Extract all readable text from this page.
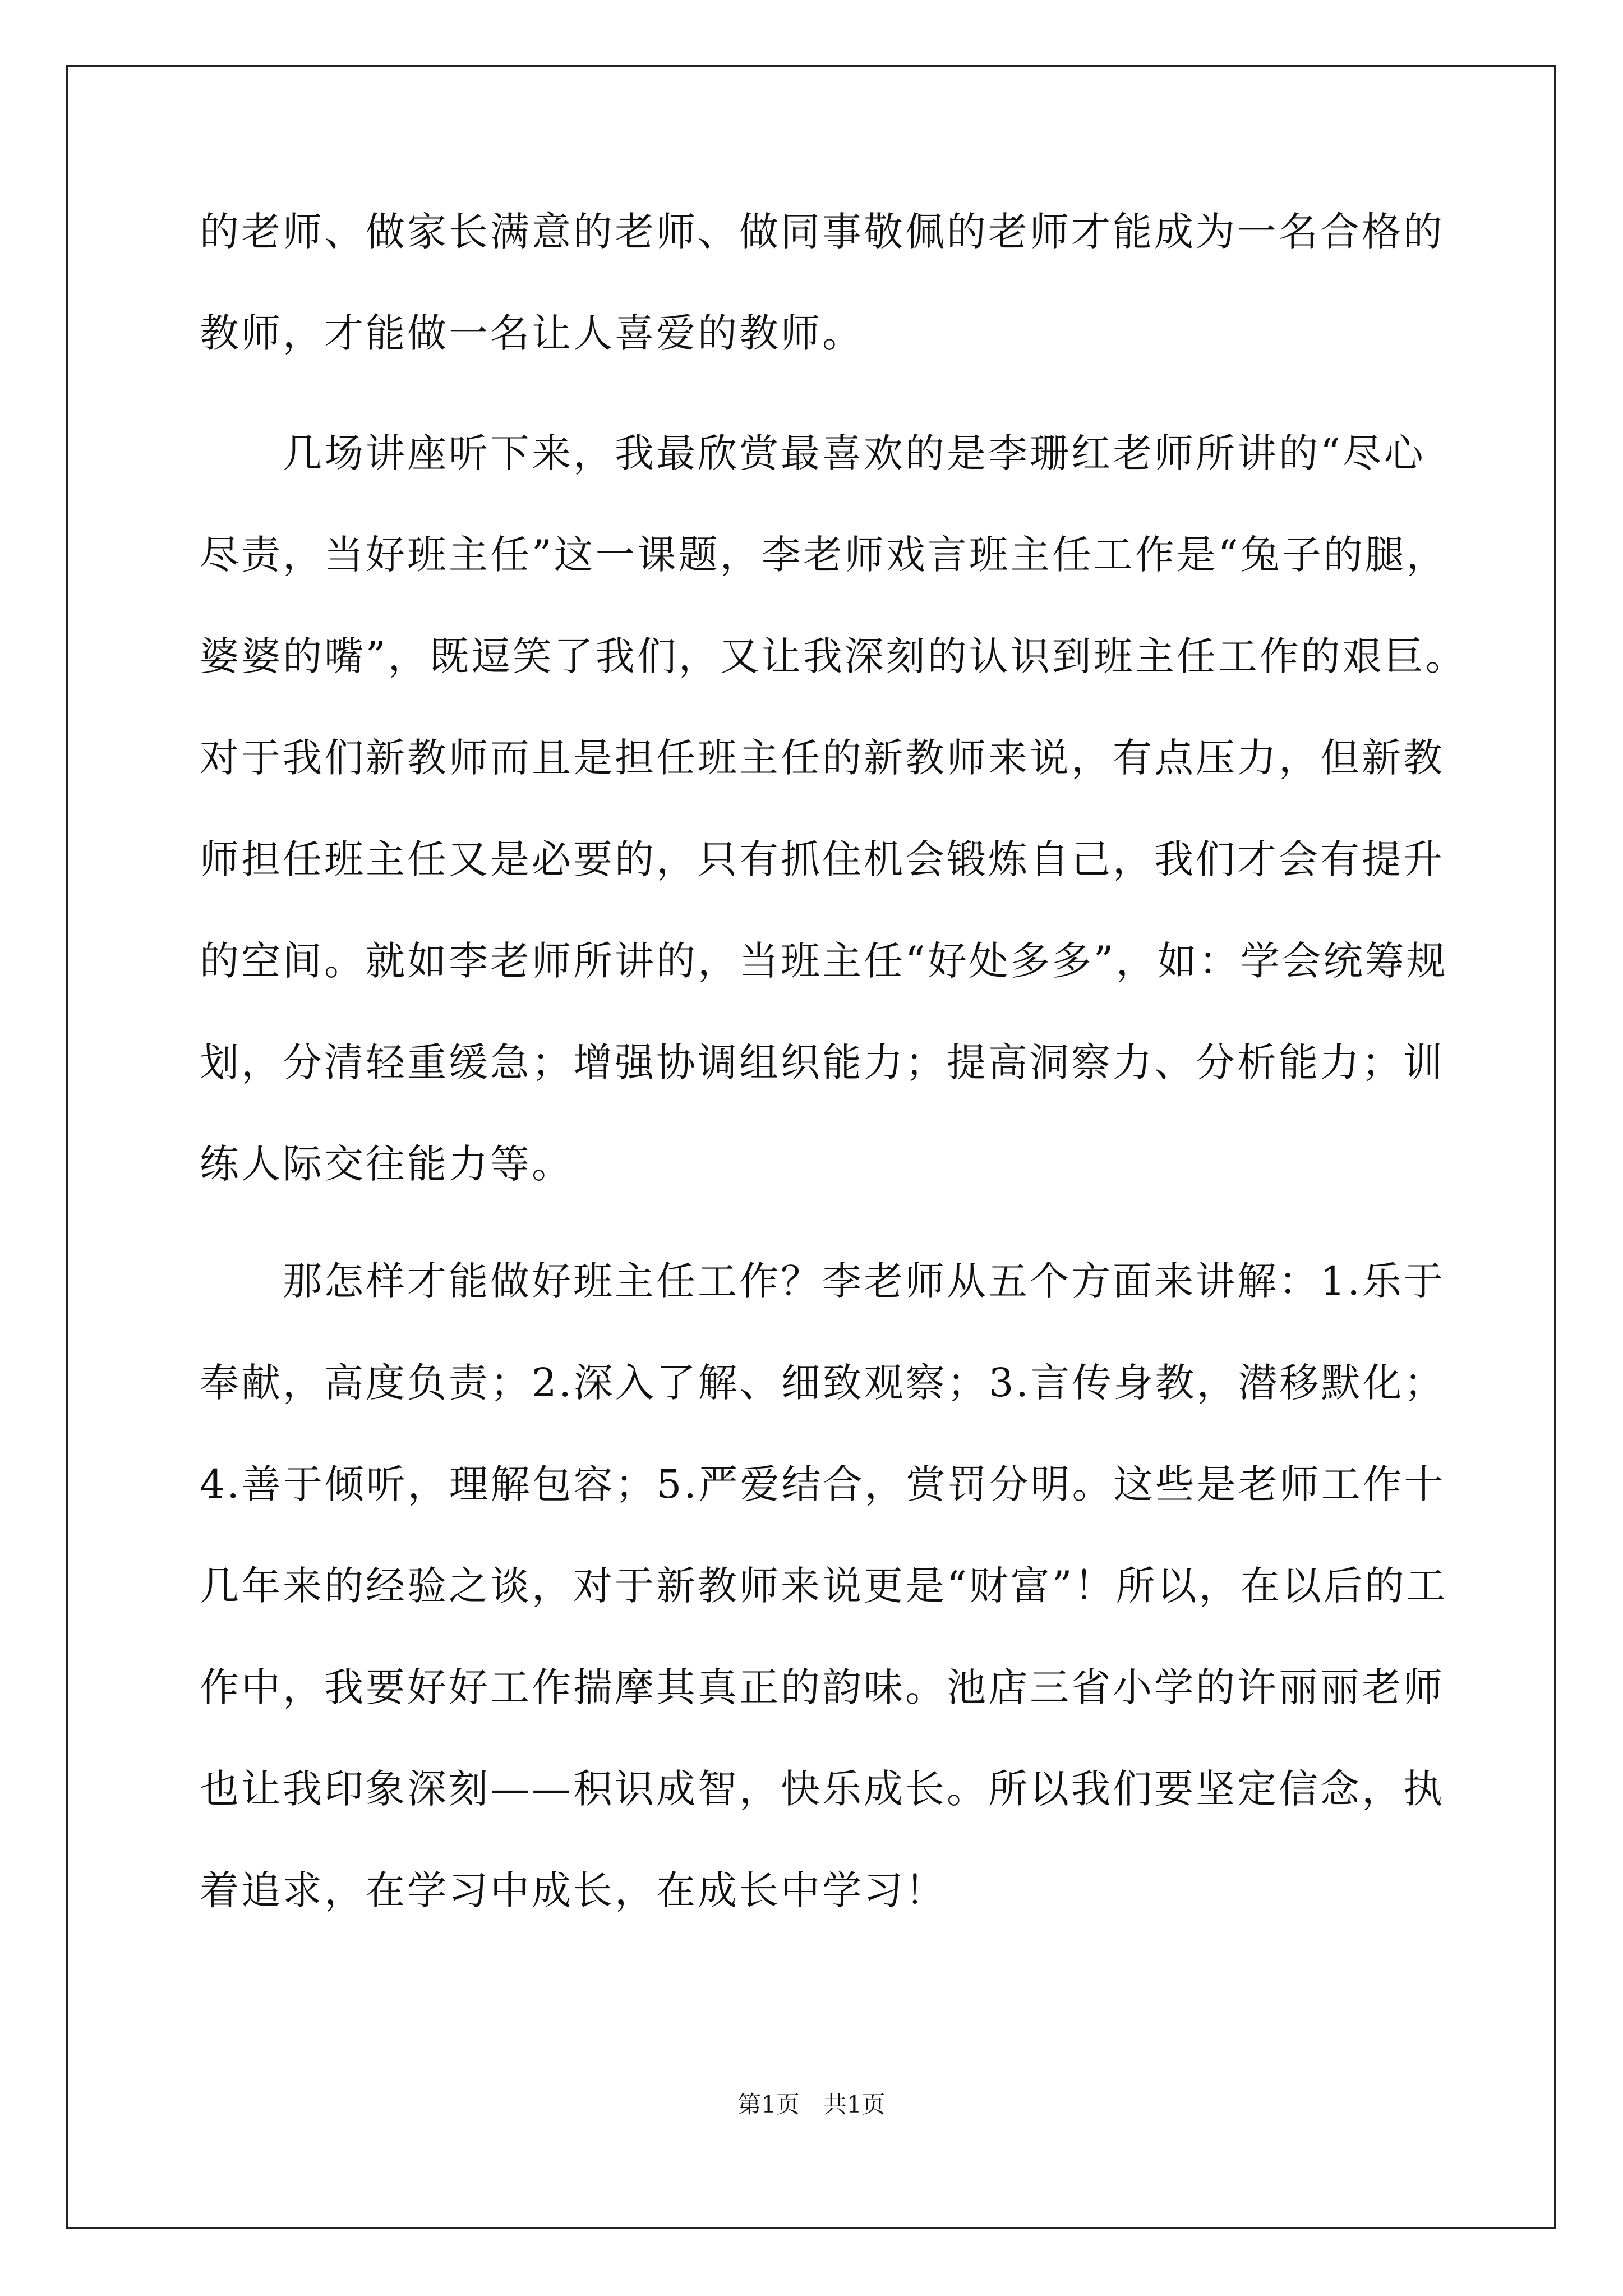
的老师、做家长满意的老师、做同事敬佩的老师才能成为一名合格的
教师，才能做一名让人喜爱的教师。
几场讲座听下来，我最欣赏最喜欢的是李珊红老师所讲的“尽心
尽责，当好班主任”这一课题，李老师戏言班主任工作是“兔子的腿，
婆婆的嘴”，既逗笑了我们，又让我深刻的认识到班主任工作的艰巨。
对于我们新教师而且是担任班主任的新教师来说，有点压力，但新教
师担任班主任又是必要的，只有抓住机会锻炼自己，我们才会有提升
的空间。就如李老师所讲的，当班主任“好处多多”，如：学会统筹规
划，分清轻重缓急；增强协调组织能力；提高洞察力、分析能力；训
练人际交往能力等。
那怎样才能做好班主任工作？李老师从五个方面来讲解：1.乐于
奉献，高度负责；2.深入了解、细致观察；3.言传身教，潜移默化；
4.善于倾听，理解包容；5.严爱结合，赏罚分明。这些是老师工作十
几年来的经验之谈，对于新教师来说更是“财富”！所以，在以后的工
作中，我要好好工作揣摩其真正的韵味。池店三省小学的许丽丽老师
也让我印象深刻——积识成智，快乐成长。所以我们要坚定信念，执
着追求，在学习中成长，在成长中学习！
第1页　共1页
